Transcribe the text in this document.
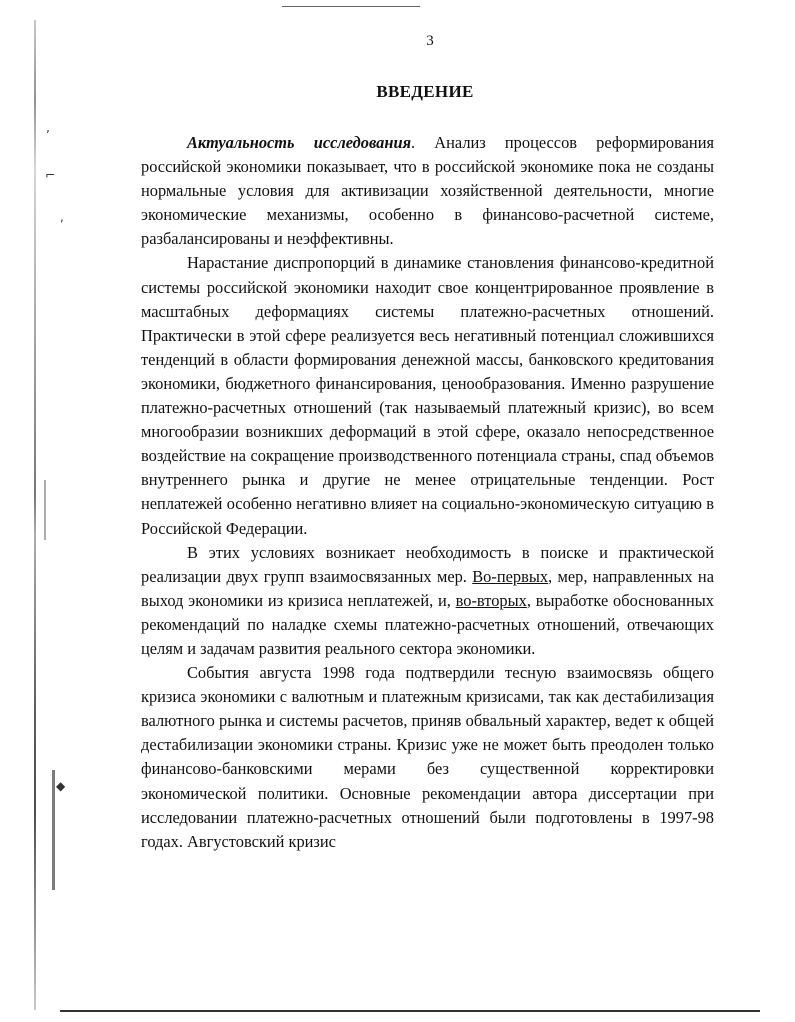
ʼ
⌐
,
◆
3
ВВЕДЕНИЕ

Актуальность исследования. Анализ процессов реформирования российской экономики показывает, что в российской экономике пока не созданы нормальные условия для активизации хозяйственной деятельности, многие экономические механизмы, особенно в финансово-расчетной системе, разбалансированы и неэффективны.

Нарастание диспропорций в динамике становления финансово-кредитной системы российской экономики находит свое концентрированное проявление в масштабных деформациях системы платежно-расчетных отношений. Практически в этой сфере реализуется весь негативный потенциал сложившихся тенденций в области формирования денежной массы, банковского кредитования экономики, бюджетного финансирования, ценообразования. Именно разрушение платежно-расчетных отношений (так называемый платежный кризис), во всем многообразии возникших деформаций в этой сфере, оказало непосредственное воздействие на сокращение производственного потенциала страны, спад объемов внутреннего рынка и другие не менее отрицательные тенденции. Рост неплатежей особенно негативно влияет на социально-экономическую ситуацию в Российской Федерации.

В этих условиях возникает необходимость в поиске и практической реализации двух групп взаимосвязанных мер. Во-первых, мер, направленных на выход экономики из кризиса неплатежей, и, во-вторых, выработке обоснованных рекомендаций по наладке схемы платежно-расчетных отношений, отвечающих целям и задачам развития реального сектора экономики.

События августа 1998 года подтвердили тесную взаимосвязь общего кризиса экономики с валютным и платежным кризисами, так как дестабилизация валютного рынка и системы расчетов, приняв обвальный характер, ведет к общей дестабилизации экономики страны. Кризис уже не может быть преодолен только финансово-банковскими мерами без существенной корректировки экономической политики. Основные рекомендации автора диссертации при исследовании платежно-расчетных отношений были подготовлены в 1997-98 годах. Августовский кризис
